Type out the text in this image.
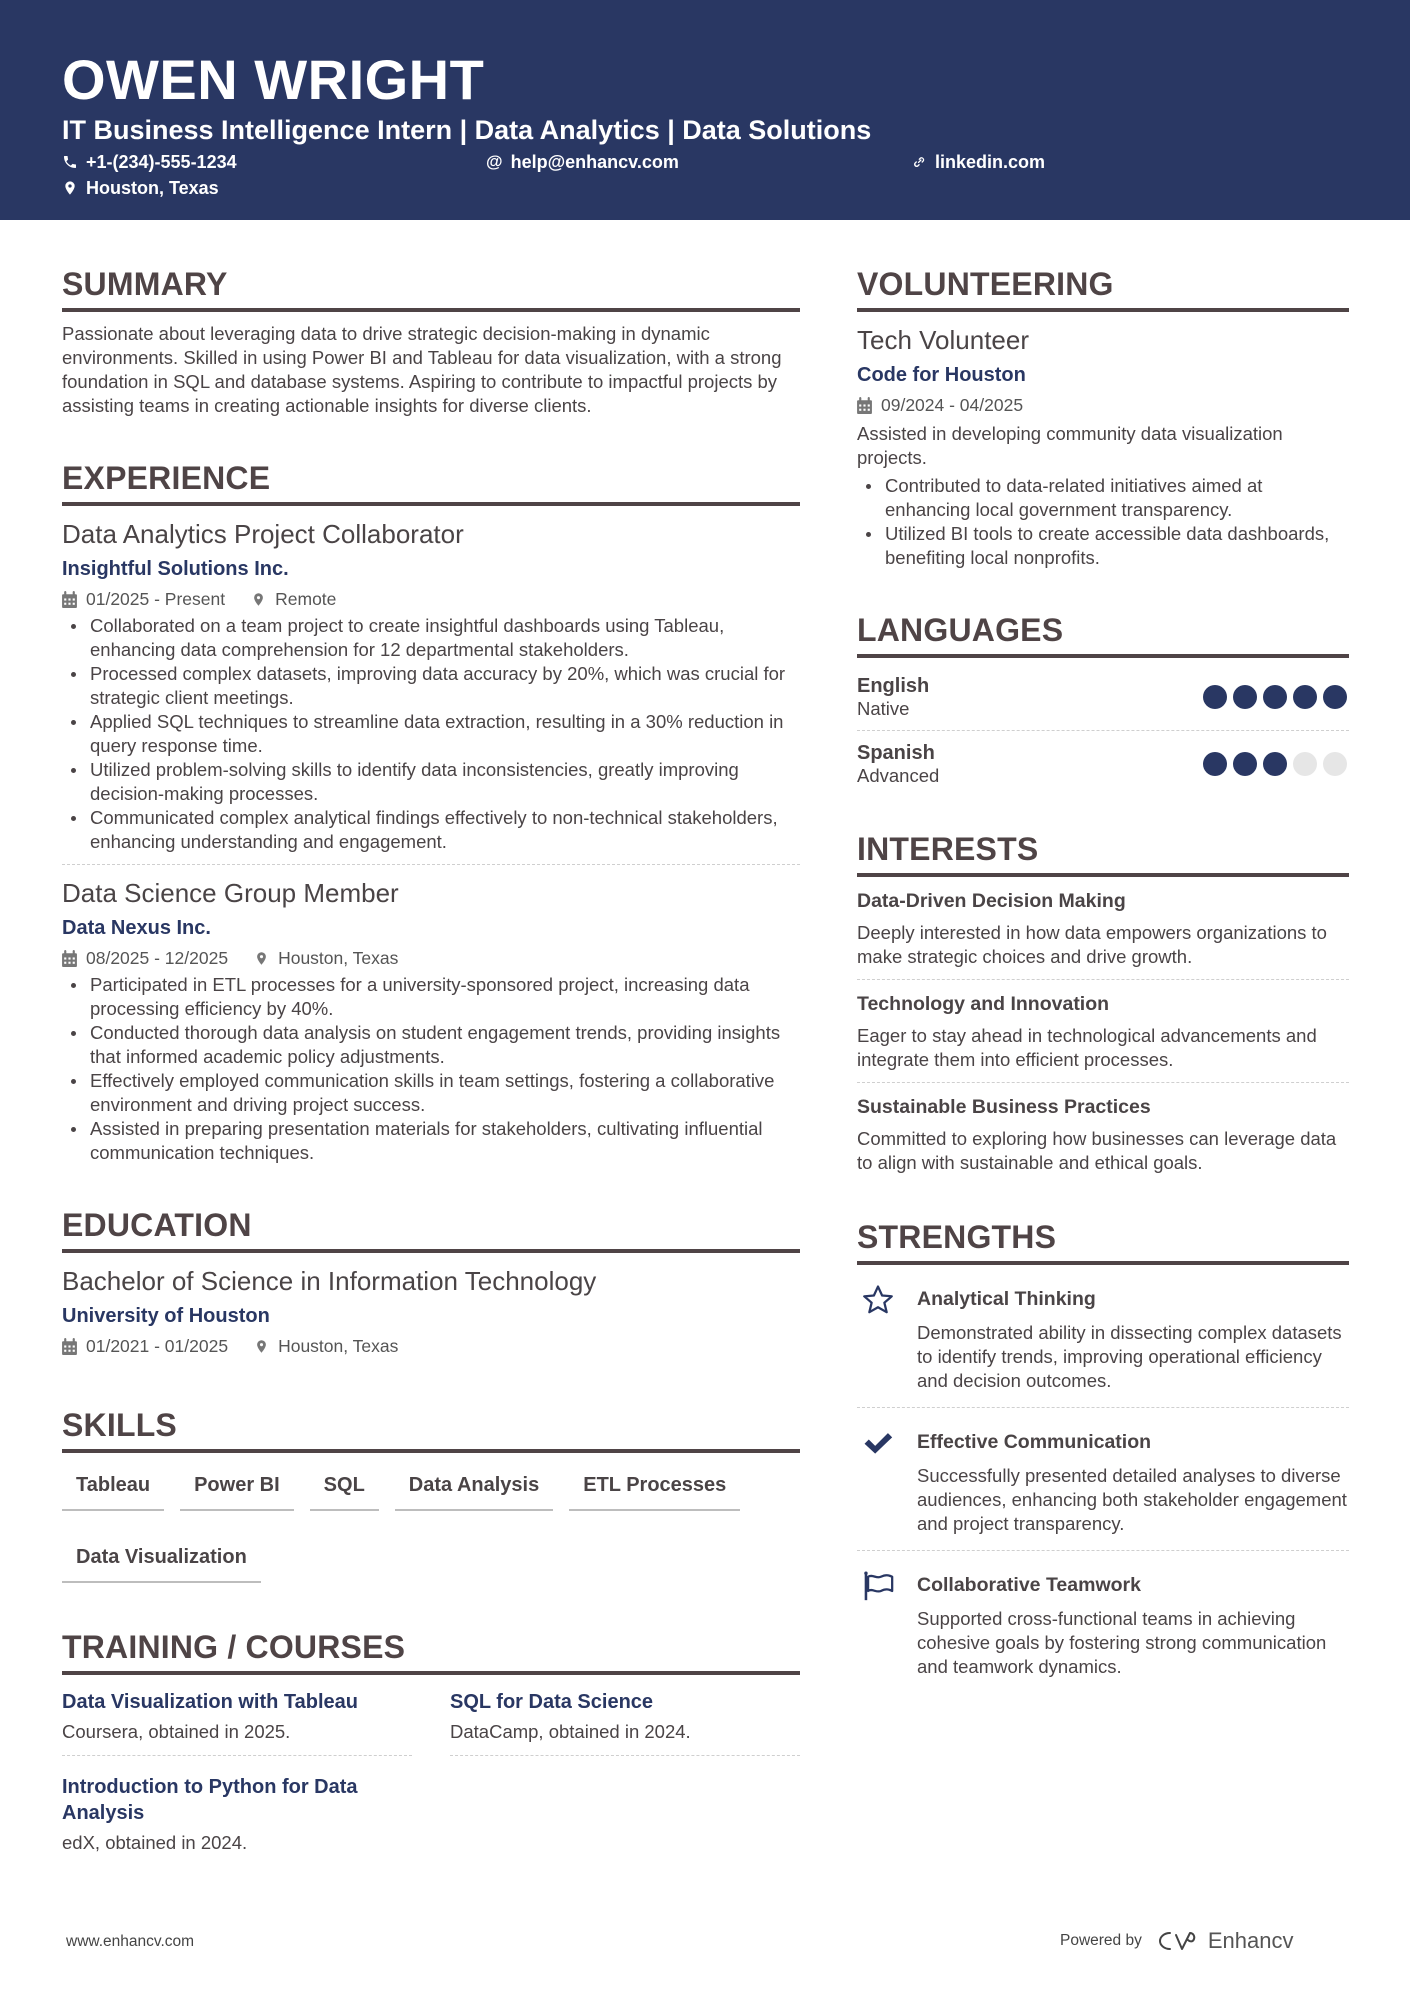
OWEN WRIGHT
IT Business Intelligence Intern | Data Analytics | Data Solutions
+1-(234)-555-1234	@ help@enhancv.com	linkedin.com
Houston, Texas
SUMMARY
Passionate about leveraging data to drive strategic decision-making in dynamic environments. Skilled in using Power BI and Tableau for data visualization, with a strong foundation in SQL and database systems. Aspiring to contribute to impactful projects by assisting teams in creating actionable insights for diverse clients.
EXPERIENCE
Data Analytics Project Collaborator
Insightful Solutions Inc.
01/2025 - Present	Remote
Collaborated on a team project to create insightful dashboards using Tableau, enhancing data comprehension for 12 departmental stakeholders.
Processed complex datasets, improving data accuracy by 20%, which was crucial for strategic client meetings.
Applied SQL techniques to streamline data extraction, resulting in a 30% reduction in query response time.
Utilized problem-solving skills to identify data inconsistencies, greatly improving decision-making processes.
Communicated complex analytical findings effectively to non-technical stakeholders, enhancing understanding and engagement.
Data Science Group Member
Data Nexus Inc.
08/2025 - 12/2025	Houston, Texas
Participated in ETL processes for a university-sponsored project, increasing data processing efficiency by 40%.
Conducted thorough data analysis on student engagement trends, providing insights that informed academic policy adjustments.
Effectively employed communication skills in team settings, fostering a collaborative environment and driving project success.
Assisted in preparing presentation materials for stakeholders, cultivating influential communication techniques.
EDUCATION
Bachelor of Science in Information Technology
University of Houston
01/2021 - 01/2025	Houston, Texas
SKILLS
Tableau	Power BI	SQL	Data Analysis	ETL Processes
Data Visualization
TRAINING / COURSES
Data Visualization with Tableau
Coursera, obtained in 2025.
SQL for Data Science
DataCamp, obtained in 2024.
Introduction to Python for Data Analysis
edX, obtained in 2024.
VOLUNTEERING
Tech Volunteer
Code for Houston
09/2024 - 04/2025
Assisted in developing community data visualization projects.
Contributed to data-related initiatives aimed at enhancing local government transparency.
Utilized BI tools to create accessible data dashboards, benefiting local nonprofits.
LANGUAGES
English
Native
Spanish
Advanced
INTERESTS
Data-Driven Decision Making
Deeply interested in how data empowers organizations to make strategic choices and drive growth.
Technology and Innovation
Eager to stay ahead in technological advancements and integrate them into efficient processes.
Sustainable Business Practices
Committed to exploring how businesses can leverage data to align with sustainable and ethical goals.
STRENGTHS
Analytical Thinking
Demonstrated ability in dissecting complex datasets to identify trends, improving operational efficiency and decision outcomes.
Effective Communication
Successfully presented detailed analyses to diverse audiences, enhancing both stakeholder engagement and project transparency.
Collaborative Teamwork
Supported cross-functional teams in achieving cohesive goals by fostering strong communication and teamwork dynamics.
www.enhancv.com	Powered by	Enhancv
